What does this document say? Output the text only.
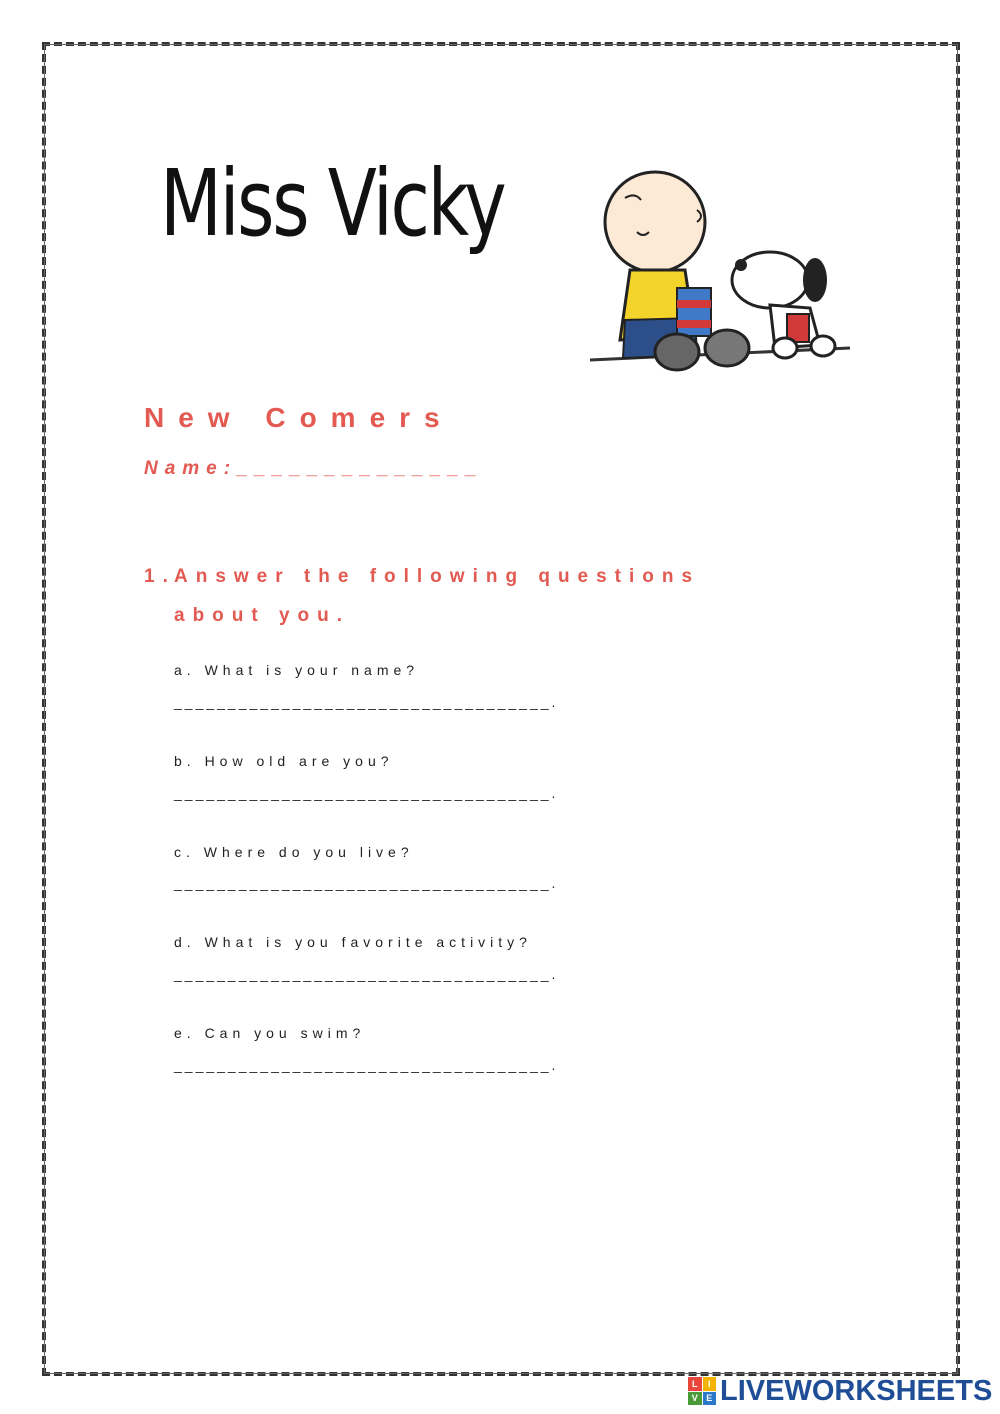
Miss Vicky
New Comers
Name:______________
1.
Answer the following questions about you.
a. What is your name?
___________________________________.
b. How old are you?
___________________________________.
c. Where do you live?
___________________________________.
d. What is you favorite activity?
___________________________________.
e. Can you swim?
___________________________________.
L	I
V E LIVEWORKSHEETS
